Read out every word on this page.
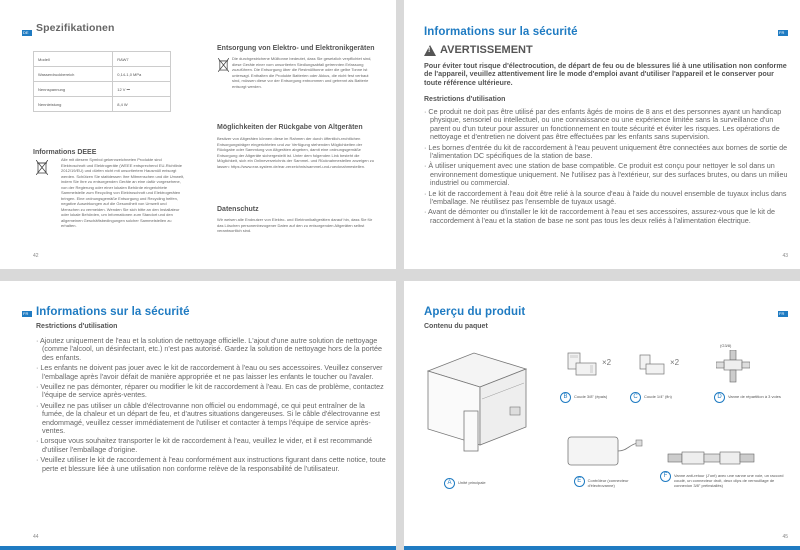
DE Spezifikationen
Modell	RAW7
Wasserdruckbereich	0,14-1,0 MPa
Nennspannung	12 V ⎓
Nennleistung	8,4 W
Informations DEEE
Alle mit diesem Symbol gekennzeichneten Produkte sind Elektroschrott und Elektrogeräte (WEEE entsprechend EU-Richtlinie 2012/19/EU) und dürfen nicht mit unsortiertem Hausmüll entsorgt werden. Schützen Sie stattdessen Ihre Mitmenschen und die Umwelt, indem Sie Ihre zu entsorgenden Geräte an eine dafür vorgesehene, von der Regierung oder einer lokalen Behörde eingerichtete Sammelstelle zum Recycling von Elektroschrott und Elektrogeräten bringen. Eine ordnungsgemäße Entsorgung und Recycling helfen, negative Auswirkungen auf die Gesundheit von Umwelt und Menschen zu vermeiden. Wenden Sie sich bitte an den Installateur oder lokale Behörden, um Informationen zum Standort und den allgemeinen Geschäftsbedingungen solcher Sammelstellen zu erhalten.
Entsorgung von Elektro- und Elektronikgeräten
Die durchgestrichene Mülltonne bedeutet, dass Sie gesetzlich verpflichtet sind, diese Geräte einer vom unsortierten Siedlungsabfall getrennten Erfassung zuzuführen. Die Entsorgung über die Restmülltonne oder die gelbe Tonne ist untersagt. Enthalten die Produkte Batterien oder Akkus, die nicht fest verbaut sind, müssen diese vor der Entsorgung entnommen und getrennt als Batterie entsorgt werden.
Möglichkeiten der Rückgabe von Altgeräten
Besitzer von Altgeräten können diese im Rahmen der durch öffentlich-rechtlichen Entsorgungsträger eingerichteten und zur Verfügung stehenden Möglichkeiten der Rückgabe oder Sammlung von Altgeräten abgeben, damit eine ordnungsgemäße Entsorgung der Altgeräte sichergestellt ist. Unter dem folgenden Link besteht die Möglichkeit, sich ein Onlineverzeichnis der Sammel- und Rücknahmestellen anzeigen zu lassen: https://www.ear-system.de/ear-verzeichnis/sammel-und-ruecknahmestellen.
Datenschutz
Wir weisen alle Endnutzer von Elektro- und Elektronikaltgeräten darauf hin, dass Sie für das Löschen personenbezogener Daten auf den zu entsorgenden Altgeräten selbst verantwortlich sind.
42
FR
Informations sur la sécurité
! AVERTISSEMENT
Pour éviter tout risque d'électrocution, de départ de feu ou de blessures lié à une utilisation non conforme de l'appareil, veuillez attentivement lire le mode d'emploi avant d'utiliser l'appareil et le conserver pour toute référence ultérieure.
Restrictions d'utilisation
· Ce produit ne doit pas être utilisé par des enfants âgés de moins de 8 ans et des personnes ayant un handicap physique, sensoriel ou intellectuel, ou une connaissance ou une expérience limitée sans la surveillance d'un parent ou d'un tuteur pour assurer un fonctionnement en toute sécurité et éviter les risques. Les opérations de nettoyage et d'entretien ne doivent pas être effectuées par les enfants sans supervision.
· Les bornes d'entrée du kit de raccordement à l'eau peuvent uniquement être connectées aux bornes de sortie de l'alimentation DC spécifiques de la station de base.
· À utiliser uniquement avec une station de base compatible. Ce produit est conçu pour nettoyer le sol dans un environnement domestique uniquement. Ne l'utilisez pas à l'extérieur, sur des surfaces brutes, ou dans un milieu industriel ou commercial.
· Le kit de raccordement à l'eau doit être relié à la source d'eau à l'aide du nouvel ensemble de tuyaux inclus dans l'emballage. Ne réutilisez pas l'ensemble de tuyaux usagé.
· Avant de démonter ou d'installer le kit de raccordement à l'eau et ses accessoires, assurez-vous que le kit de raccordement à l'eau et la station de base ne sont pas tous les deux reliés à l'alimentation électrique.
43
FR Informations sur la sécurité
Restrictions d'utilisation
· Ajoutez uniquement de l'eau et la solution de nettoyage officielle. L'ajout d'une autre solution de nettoyage (comme l'alcool, un désinfectant, etc.) n'est pas autorisé. Gardez la solution de nettoyage hors de la portée des enfants.
· Les enfants ne doivent pas jouer avec le kit de raccordement à l'eau ou ses accessoires. Veuillez conserver l'emballage après l'avoir défait de manière appropriée et ne pas laisser les enfants le toucher ou l'avaler.
· Veuillez ne pas démonter, réparer ou modifier le kit de raccordement à l'eau. En cas de problème, contactez l'équipe de service après-ventes.
· Veuillez ne pas utiliser un câble d'électrovanne non officiel ou endommagé, ce qui peut entraîner de la fumée, de la chaleur et un départ de feu, et d'autres situations dangereuses. Si le câble d'électrovanne est endommagé, veuillez cesser immédiatement de l'utiliser et contacter à temps l'équipe de service après-ventes.
· Lorsque vous souhaitez transporter le kit de raccordement à l'eau, veuillez le vider, et il est recommandé d'utiliser l'emballage d'origine.
· Veuillez utiliser le kit de raccordement à l'eau conformément aux instructions figurant dans cette notice, toute perte et blessure liée à une utilisation non conforme relève de la responsabilité de l'utilisateur.
44
FR
Aperçu du produit
Contenu du paquet
A	Unité principale
×2
B	Coude 3/8" (épais)
×2
C	Coude 1/4" (fin)
(G3/8)
D	Vanne de répartition à 3 voies
E	Contrôleur (connecteur d'électrovanne)
F	Vanne anti-retour (J'ont) avec une vanne une voie, un raccord coudé, un connecteur droit, deux clips de verrouillage de connexion 3/8" préinstallés)
45
